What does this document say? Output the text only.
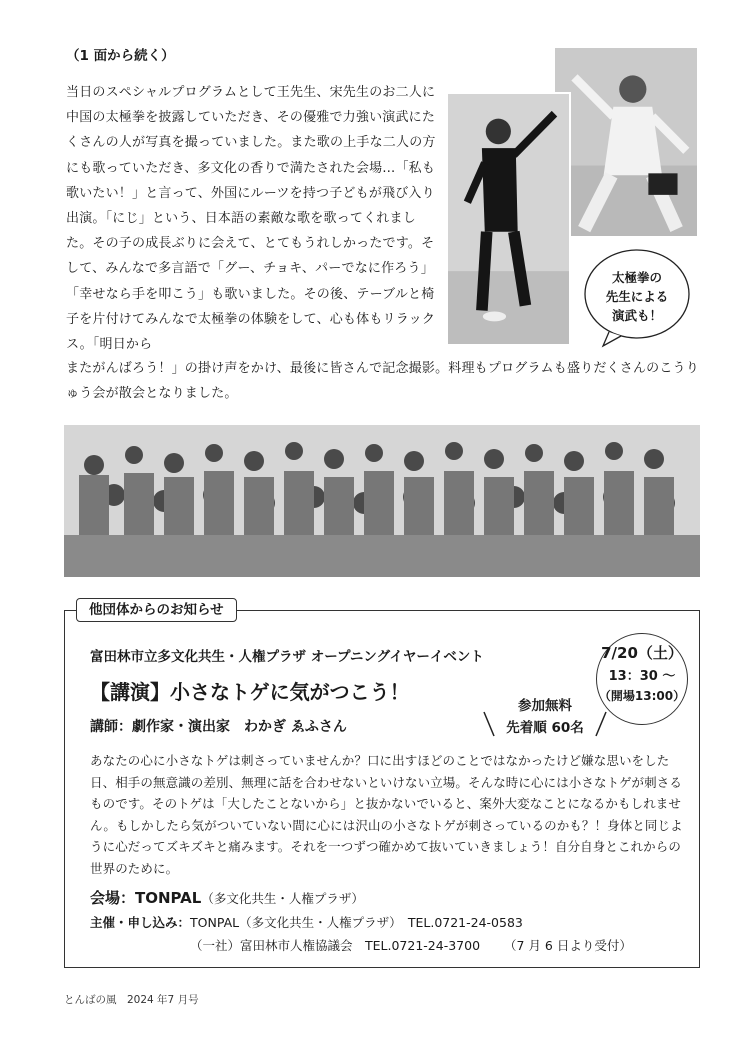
（1 面から続く）
当日のスペシャルプログラムとして王先生、宋先生のお二人に中国の太極拳を披露していただき、その優雅で力強い演武にたくさんの人が写真を撮っていました。また歌の上手な二人の方にも歌っていただき、多文化の香りで満たされた会場…「私も歌いたい！」と言って、外国にルーツを持つ子どもが飛び入り出演。「にじ」という、日本語の素敵な歌を歌ってくれました。その子の成長ぶりに会えて、とてもうれしかったです。そして、みんなで多言語で「グー、チョキ、パーでなに作ろう」「幸せなら手を叩こう」も歌いました。その後、テーブルと椅子を片付けてみんなで太極拳の体験をして、心も体もリラックス。「明日から
またがんばろう！」の掛け声をかけ、最後に皆さんで記念撮影。料理もプログラムも盛りだくさんのこうりゅう会が散会となりました。
太極拳の
先生による
演武も！
他団体からのお知らせ
富田林市立多文化共生・人権プラザ オープニングイヤーイベント
【講演】小さなトゲに気がつこう！
講師：劇作家・演出家　わかぎ ゑふさん
7/20（土）
13：30 ～
（開場13:00）
参加無料
先着順 60名
あなたの心に小さなトゲは刺さっていませんか？口に出すほどのことではなかったけど嫌な思いをした日、相手の無意識の差別、無理に話を合わせないといけない立場。そんな時に心には小さなトゲが刺さるものです。そのトゲは「大したことないから」と抜かないでいると、案外大変なことになるかもしれません。もしかしたら気がついていない間に心には沢山の小さなトゲが刺さっているのかも？！身体と同じように心だってズキズキと痛みます。それを一つずつ確かめて抜いていきましょう！自分自身とこれからの世界のために。
会場：TONPAL（多文化共生・人権プラザ）
主催・申し込み：TONPAL（多文化共生・人権プラザ）　TEL.0721-24-0583
（一社）富田林市人権協議会　TEL.0721-24-3700 （7 月 6 日より受付）
とんばの風　2024 年7 月号
